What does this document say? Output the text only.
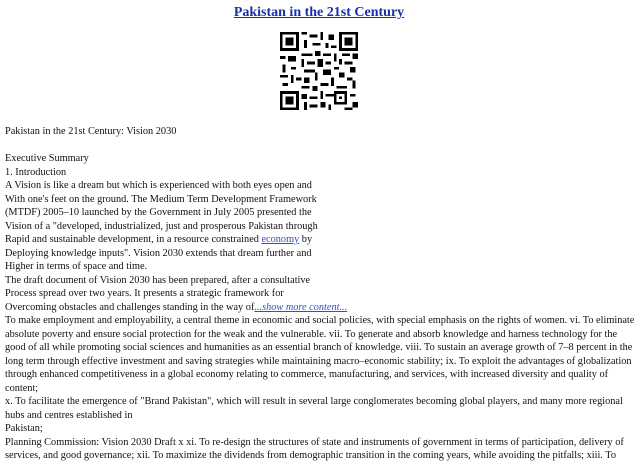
Pakistan in the 21st Century

Pakistan in the 21st Century: Vision 2030

Executive Summary

1. Introduction

A Vision is like a dream but which is experienced with both eyes open and

With one's feet on the ground. The Medium Term Development Framework

(MTDF) 2005–10 launched by the Government in July 2005 presented the

Vision of a "developed, industrialized, just and prosperous Pakistan through

Rapid and sustainable development, in a resource constrained economy by

Deploying knowledge inputs". Vision 2030 extends that dream further and

Higher in terms of space and time.

The draft document of Vision 2030 has been prepared, after a consultative

Process spread over two years. It presents a strategic framework for

Overcoming obstacles and challenges standing in the way of...show more content...

To make employment and employability, a central theme in economic and social policies, with special emphasis on the rights of women. vi. To eliminate absolute poverty and ensure social protection for the weak and the vulnerable. vii. To generate and absorb knowledge and harness technology for the good of all while promoting social sciences and humanities as an essential branch of knowledge. viii. To sustain an average growth of 7–8 percent in the long term through effective investment and saving strategies while maintaining macro–economic stability; ix. To exploit the advantages of globalization through enhanced competitiveness in a global economy relating to commerce, manufacturing, and services, with increased diversity and quality of content;

x. To facilitate the emergence of "Brand Pakistan", which will result in several large conglomerates becoming global players, and many more regional hubs and centres established in

Pakistan;

Planning Commission: Vision 2030 Draft x xi. To re-design the structures of state and instruments of government in terms of participation, delivery of services, and good governance; xii. To maximize the dividends from demographic transition in the coming years, while avoiding the pitfalls; xiii. To
